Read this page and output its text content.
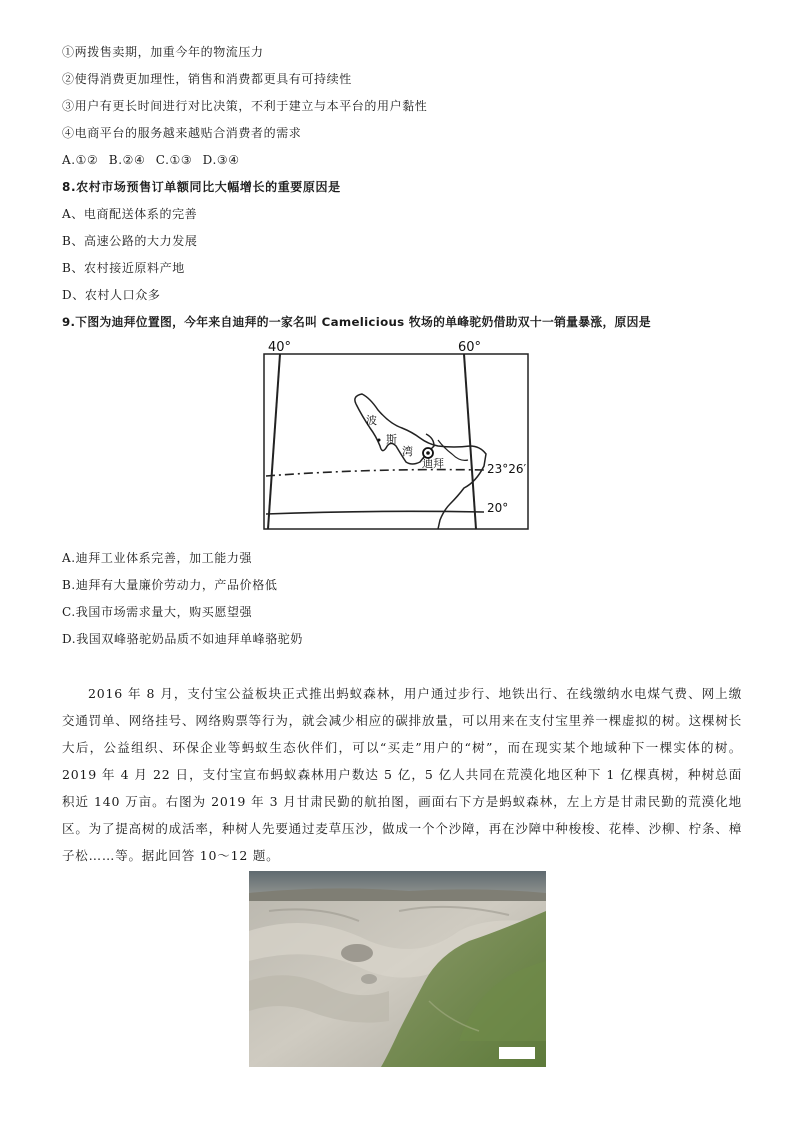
①两拨售卖期，加重今年的物流压力
②使得消费更加理性，销售和消费都更具有可持续性
③用户有更长时间进行对比决策，不利于建立与本平台的用户黏性
④电商平台的服务越来越贴合消费者的需求
A.①② B.②④ C.①③ D.③④
8.农村市场预售订单额同比大幅增长的重要原因是
A、电商配送体系的完善
B、高速公路的大力发展
B、农村接近原料产地
D、农村人口众多
9.下图为迪拜位置图，今年来自迪拜的一家名叫 Camelicious 牧场的单峰驼奶借助双十一销量暴涨，原因是
40°	60°
23°26′
20°
波
斯
湾
迪拜
A.迪拜工业体系完善，加工能力强
B.迪拜有大量廉价劳动力，产品价格低
C.我国市场需求量大，购买愿望强
D.我国双峰骆驼奶品质不如迪拜单峰骆驼奶
2016 年 8 月，支付宝公益板块正式推出蚂蚁森林，用户通过步行、地铁出行、在线缴纳水电煤气费、网上缴交通罚单、网络挂号、网络购票等行为，就会减少相应的碳排放量，可以用来在支付宝里养一棵虚拟的树。这棵树长大后，公益组织、环保企业等蚂蚁生态伙伴们，可以“买走”用户的“树”，而在现实某个地域种下一棵实体的树。2019 年 4 月 22 日，支付宝宣布蚂蚁森林用户数达 5 亿，5 亿人共同在荒漠化地区种下 1 亿棵真树，种树总面积近 140 万亩。右图为 2019 年 3 月甘肃民勤的航拍图，画面右下方是蚂蚁森林，左上方是甘肃民勤的荒漠化地区。为了提高树的成活率，种树人先要通过麦草压沙，做成一个个沙障，再在沙障中种梭梭、花棒、沙柳、柠条、樟子松……等。据此回答 10～12 题。
